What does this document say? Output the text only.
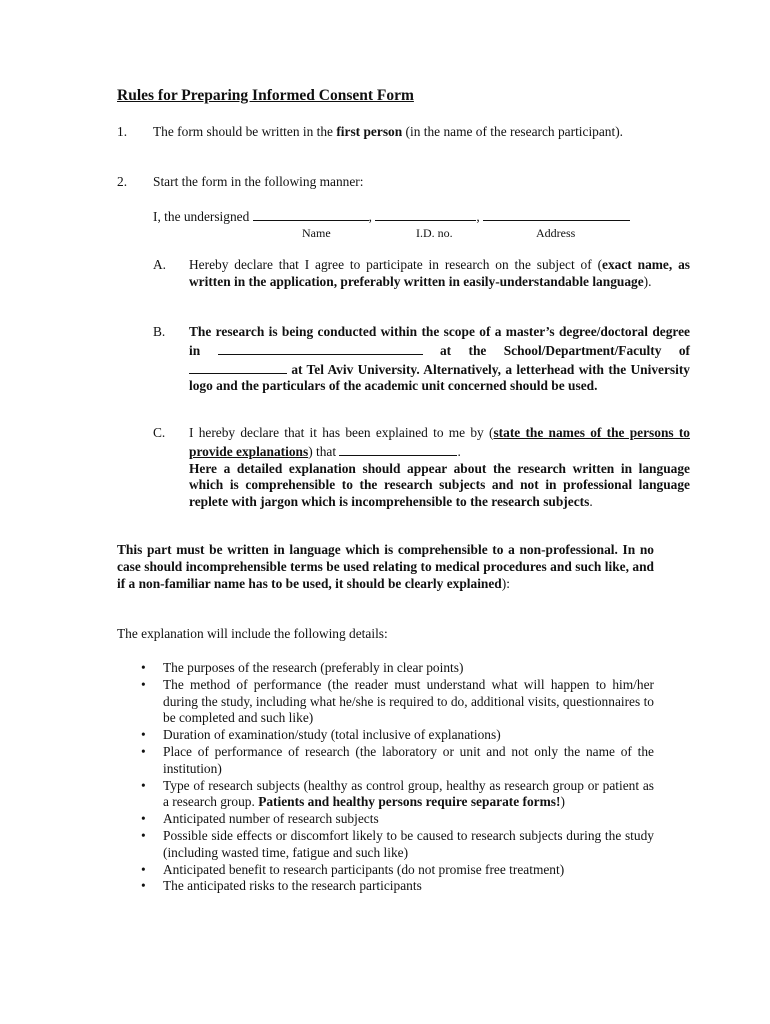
Rules for Preparing Informed Consent Form
1.	The form should be written in the first person (in the name of the research participant).
2.	Start the form in the following manner:
I, the undersigned	,	,
Name	I.D. no.	Address
A.	Hereby declare that I agree to participate in research on the subject of (exact name, as written in the application, preferably written in easily-understandable language).
B.	The research is being conducted within the scope of a master’s degree/doctoral degree in	at the School/Department/Faculty of  at Tel Aviv University. Alternatively, a letterhead with the University logo and the particulars of the academic unit concerned should be used.
C.	I hereby declare that it has been explained to me by (state the names of the persons to provide explanations) that	.
Here a detailed explanation should appear about the research written in language which is comprehensible to the research subjects and not in professional language replete with jargon which is incomprehensible to the research subjects.
This part must be written in language which is comprehensible to a non-professional. In no case should incomprehensible terms be used relating to medical procedures and such like, and if a non-familiar name has to be used, it should be clearly explained):
The explanation will include the following details:
• The purposes of the research (preferably in clear points)
• The method of performance (the reader must understand what will happen to him/her during the study, including what he/she is required to do, additional visits, questionnaires to be completed and such like)
• Duration of examination/study (total inclusive of explanations)
• Place of performance of research (the laboratory or unit and not only the name of the institution)
• Type of research subjects (healthy as control group, healthy as research group or patient as a research group. Patients and healthy persons require separate forms!)
• Anticipated number of research subjects
• Possible side effects or discomfort likely to be caused to research subjects during the study (including wasted time, fatigue and such like)
• Anticipated benefit to research participants (do not promise free treatment)
• The anticipated risks to the research participants
